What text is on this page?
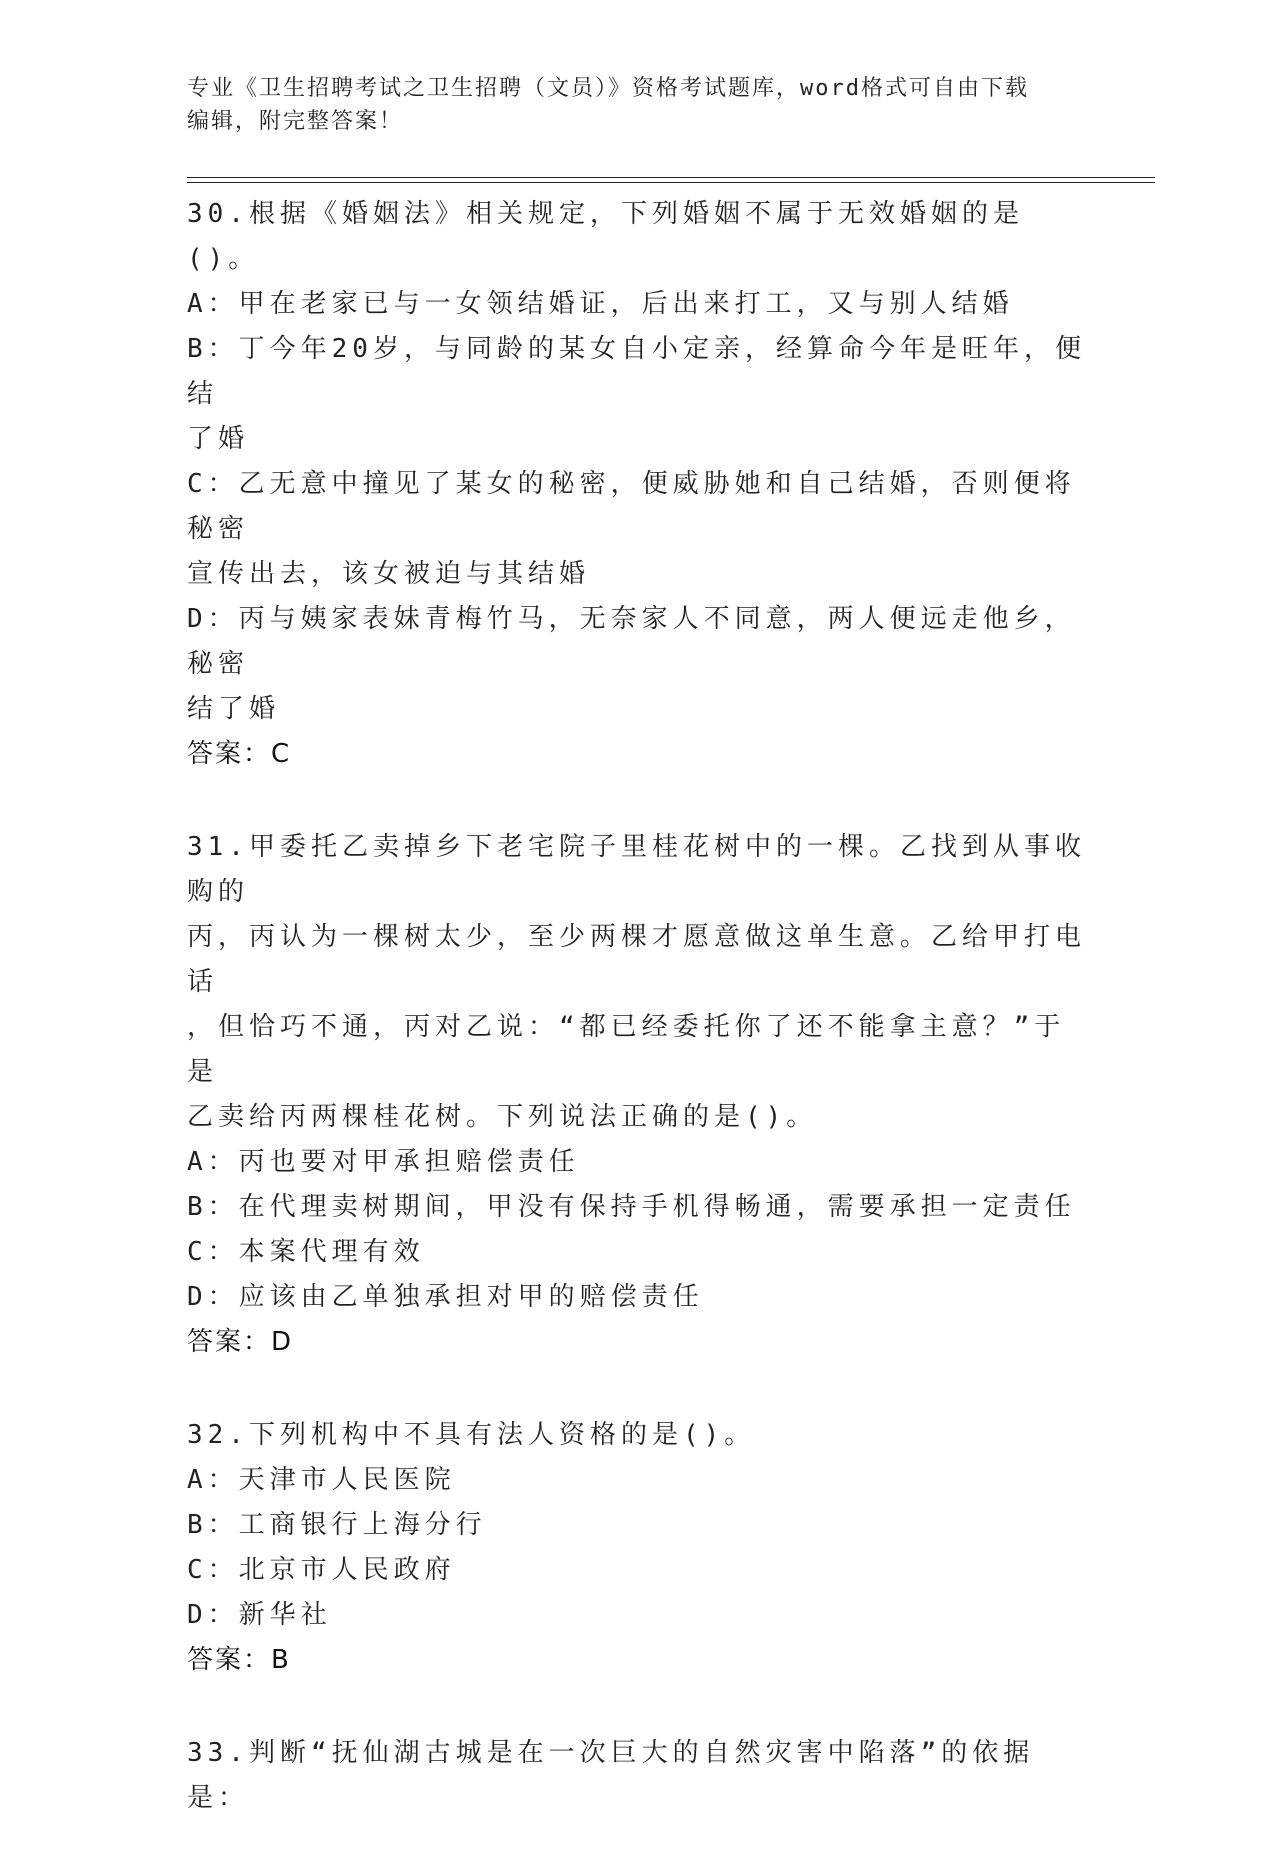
专业《卫生招聘考试之卫生招聘（文员）》资格考试题库，word格式可自由下载
编辑，附完整答案！
30.根据《婚姻法》相关规定，下列婚姻不属于无效婚姻的是()。
A：甲在老家已与一女领结婚证，后出来打工，又与别人结婚
B：丁今年20岁，与同龄的某女自小定亲，经算命今年是旺年，便结
了婚
C：乙无意中撞见了某女的秘密，便威胁她和自己结婚，否则便将秘密
宣传出去，该女被迫与其结婚
D：丙与姨家表妹青梅竹马，无奈家人不同意，两人便远走他乡，秘密
结了婚
答案：C
31.甲委托乙卖掉乡下老宅院子里桂花树中的一棵。乙找到从事收购的
丙，丙认为一棵树太少，至少两棵才愿意做这单生意。乙给甲打电话
，但恰巧不通，丙对乙说：“都已经委托你了还不能拿主意？”于是
乙卖给丙两棵桂花树。下列说法正确的是()。
A：丙也要对甲承担赔偿责任
B：在代理卖树期间，甲没有保持手机得畅通，需要承担一定责任
C：本案代理有效
D：应该由乙单独承担对甲的赔偿责任
答案：D
32.下列机构中不具有法人资格的是()。
A：天津市人民医院
B：工商银行上海分行
C：北京市人民政府
D：新华社
答案：B
33.判断“抚仙湖古城是在一次巨大的自然灾害中陷落”的依据是：
